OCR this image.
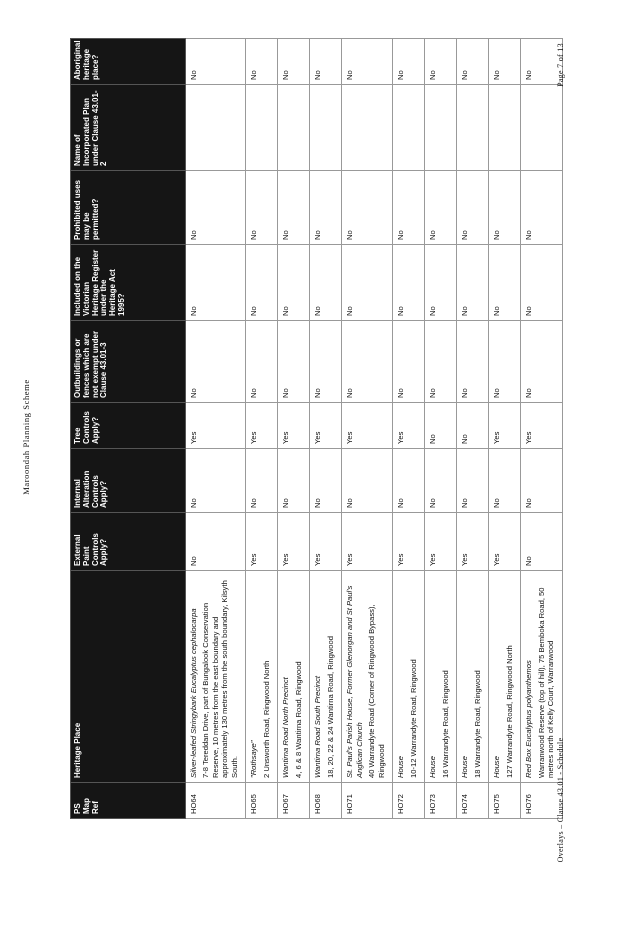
Maroondah Planning Scheme
PS Map Ref	Heritage Place	External Paint Controls Apply?	Internal Alteration Controls Apply?	Tree Controls Apply?	Outbuildings or fences which are not exempt under Clause 43.01-3	Included on the Victorian Heritage Register under the Heritage Act 1995?	Prohibited uses may be permitted?	Name of Incorporated Plan under Clause 43.01-2	Aboriginal heritage place?
HO64	Silver-leafed Stringybark Eucalyptus cephalocarpa 7-8 Tereddan Drive, part of Bungalook Conservation Reserve, 10 metres from the east boundary and approximately 130 metres from the south boundary, Kilsyth South.	No	No	Yes	No	No	No		No
HO65	"Rothsaye" 2 Unsworth Road, Ringwood North	Yes	No	Yes	No	No	No		No
HO67	Wantirna Road North Precinct 4, 6 & 8 Wantirna Road, Ringwood	Yes	No	Yes	No	No	No		No
HO68	Wantirna Road South Precinct 18, 20, 22 & 24 Wantirna Road, Ringwood	Yes	No	Yes	No	No	No		No
HO71	St. Paul's Parish House, Former Glenorgan and St Paul's Anglican Church 40 Warrandyte Road (Corner of Ringwood Bypass), Ringwood	Yes	No	Yes	No	No	No		No
HO72	House 10-12 Warrandyte Road, Ringwood	Yes	No	Yes	No	No	No		No
HO73	House 16 Warrandyte Road, Ringwood	Yes	No	No	No	No	No		No
HO74	House 18 Warrandyte Road, Ringwood	Yes	No	No	No	No	No		No
HO75	House 127 Warrandyte Road, Ringwood North	Yes	No	Yes	No	No	No		No
HO76	Red Box Eucalyptus polyanthemos Warranwood Reserve (top of hill), 75 Bemboka Road, 50 metres north of Kelly Court, Warranwood	No	No	Yes	No	No	No		No
Overlays – Clause 43.01 - Schedule
Page 7 of 13
